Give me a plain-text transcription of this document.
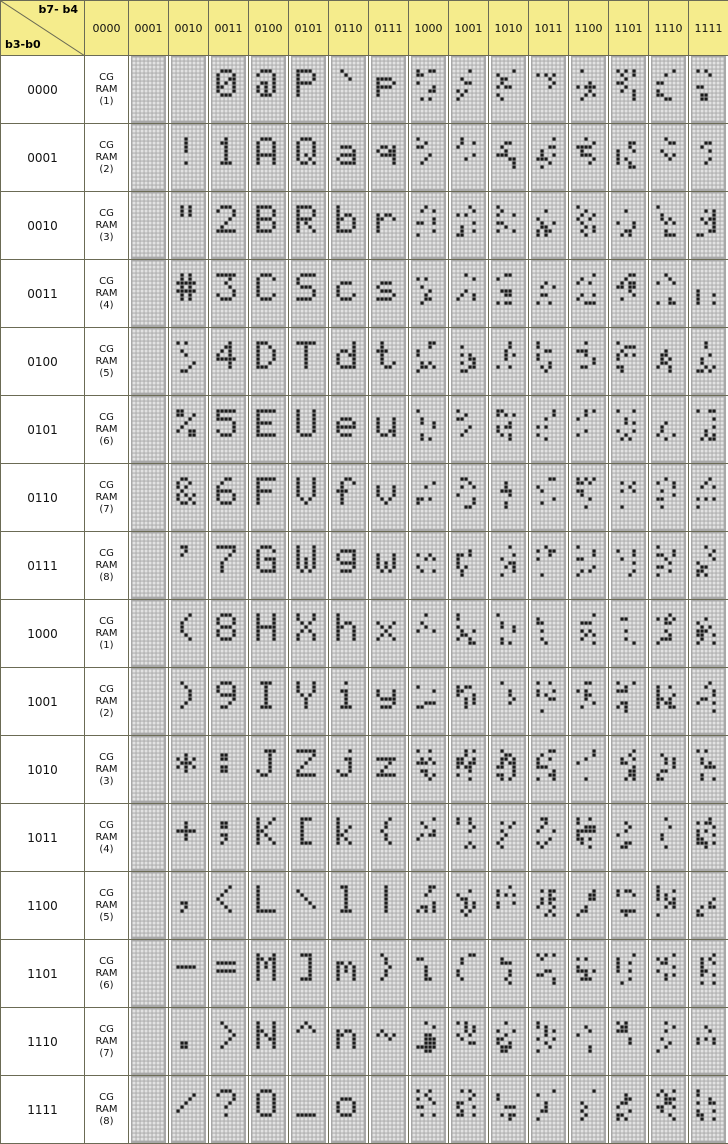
b7- b4
b3-b0	0000	0001	0010	0011	0100	0101	0110	0111	1000	1001	1010	1011	1100	1101	1110	1111
0000	CG
RAM
(1)

0001	CG
RAM
(2)

0010	CG
RAM
(3)

0011	CG
RAM
(4)

0100	CG
RAM
(5)

0101	CG
RAM
(6)

0110	CG
RAM
(7)

0111	CG
RAM
(8)

1000	CG
RAM
(1)

1001	CG
RAM
(2)

1010	CG
RAM
(3)

1011	CG
RAM
(4)

1100	CG
RAM
(5)

1101	CG
RAM
(6)

1110	CG
RAM
(7)

1111	CG
RAM
(8)
